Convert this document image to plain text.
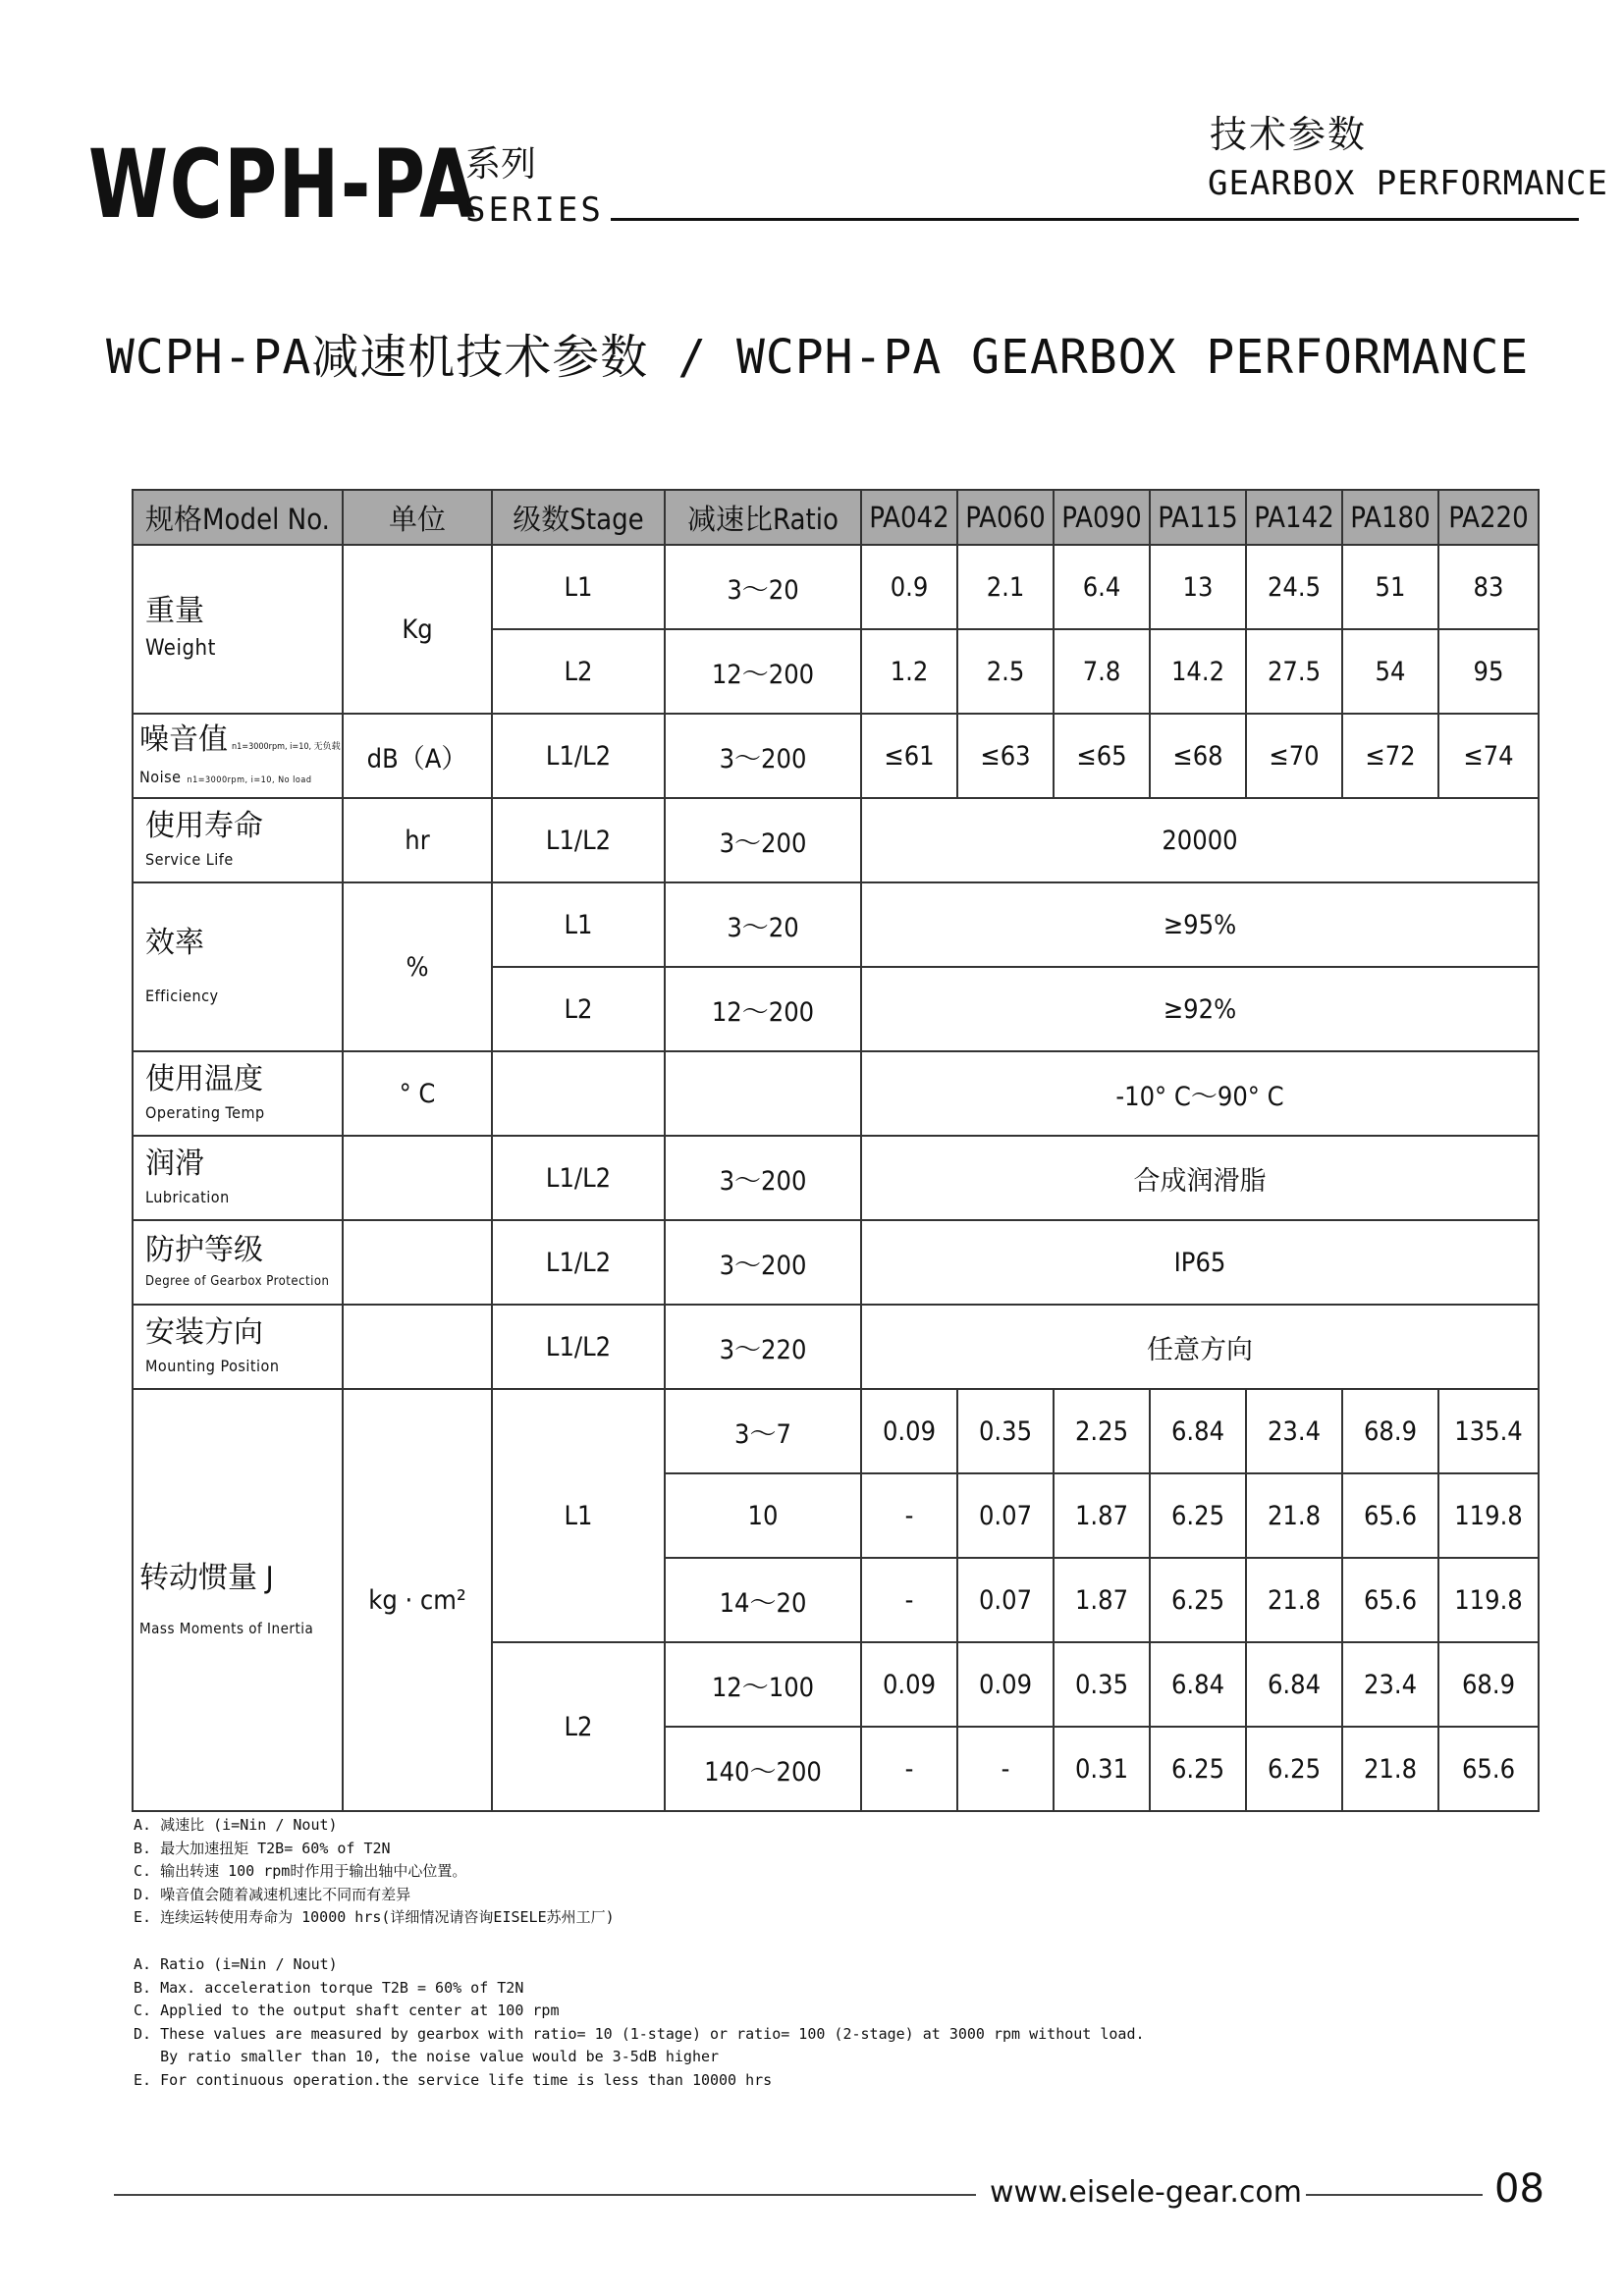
WCPH-PA
系列
SERIES
技术参数
GEARBOX PERFORMANCE
WCPH-PA减速机技术参数 / WCPH-PA GEARBOX PERFORMANCE
规格Model No.	单位	级数Stage	减速比Ratio	PA042	PA060	PA090	PA115	PA142	PA180	PA220

重量
Weight	Kg	L1	3～20	0.9	2.1	6.4	13	24.5	51	83
		L2	12～200	1.2	2.5	7.8	14.2	27.5	54	95

噪音值 n1=3000rpm, i=10, 无负载
Noise n1=3000rpm, i=10, No load	dB（A）	L1/L2	3～200	≤61	≤63	≤65	≤68	≤70	≤72	≤74

使用寿命
Service Life	hr	L1/L2	3～200	20000						

效率
Efficiency	%	L1	3～20	≥95%						
		L2	12～200	≥92%						

使用温度
Operating Temp	° C			-10° C～90° C						

润滑
Lubrication		L1/L2	3～200	合成润滑脂						

防护等级
Degree of Gearbox Protection		L1/L2	3～200	IP65						

安装方向
Mounting Position		L1/L2	3～220	任意方向						

转动惯量 J
Mass Moments of Inertia	kg · cm²	L1	3～7	0.09	0.35	2.25	6.84	23.4	68.9	135.4
			10	-	0.07	1.87	6.25	21.8	65.6	119.8
			14～20	-	0.07	1.87	6.25	21.8	65.6	119.8
		L2	12～100	0.09	0.09	0.35	6.84	6.84	23.4	68.9
			140～200	-	-	0.31	6.25	6.25	21.8	65.6
A. 减速比 (i=Nin / Nout)
B. 最大加速扭矩 T2B= 60% of T2N
C. 输出转速 100 rpm时作用于输出轴中心位置。
D. 噪音值会随着减速机速比不同而有差异
E. 连续运转使用寿命为 10000 hrs(详细情况请咨询EISELE苏州工厂)
A. Ratio (i=Nin / Nout)
B. Max. acceleration torque T2B = 60% of T2N
C. Applied to the output shaft center at 100 rpm
D. These values are measured by gearbox with ratio= 10 (1-stage) or ratio= 100 (2-stage) at 3000 rpm without load.
By ratio smaller than 10, the noise value would be 3-5dB higher
E. For continuous operation.the service life time is less than 10000 hrs
www.eisele-gear.com	08
